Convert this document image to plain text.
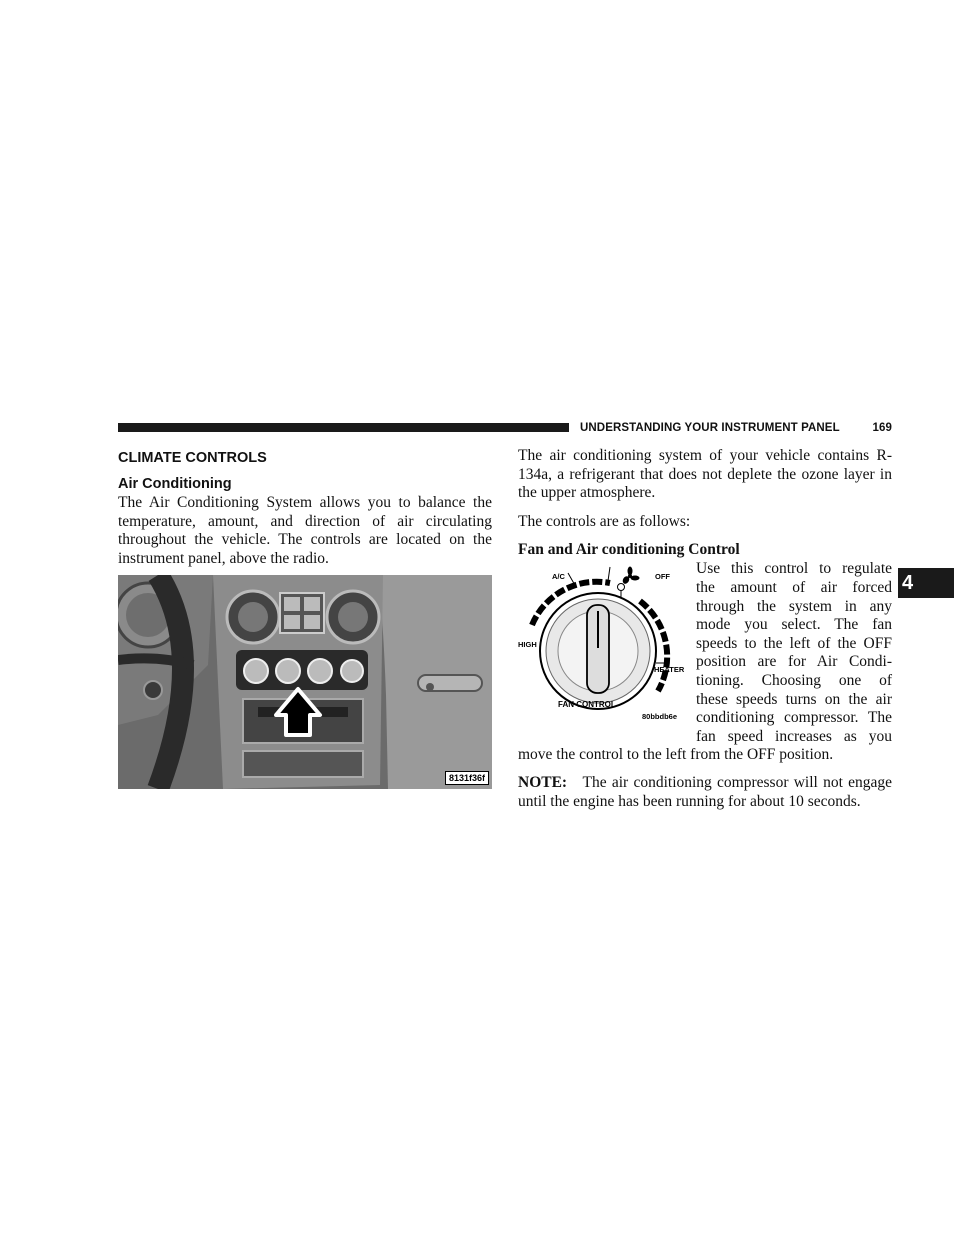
UNDERSTANDING YOUR INSTRUMENT PANEL	169
4
CLIMATE CONTROLS
Air Conditioning

The Air Conditioning System allows you to balance the temperature, amount, and direction of air circulating throughout the vehicle. The controls are located on the instrument panel, above the radio.

8131f36f

The air conditioning system of your vehicle contains R-134a, a refrigerant that does not deplete the ozone layer in the upper atmosphere.

The controls are as follows:

Fan and Air conditioning Control
A/C	OFF
HIGH
HEATER
FAN CONTROL
80bbdb6e

Use this control to regulate

the amount of air forced

through the system in any

mode you select. The fan

speeds to the left of the OFF

position are for Air Condi-

tioning. Choosing one of

these speeds turns on the air

conditioning compressor. The

fan speed increases as you

move the control to the left from the OFF position.

NOTE: The air conditioning compressor will not engage until the engine has been running for about 10 seconds.
